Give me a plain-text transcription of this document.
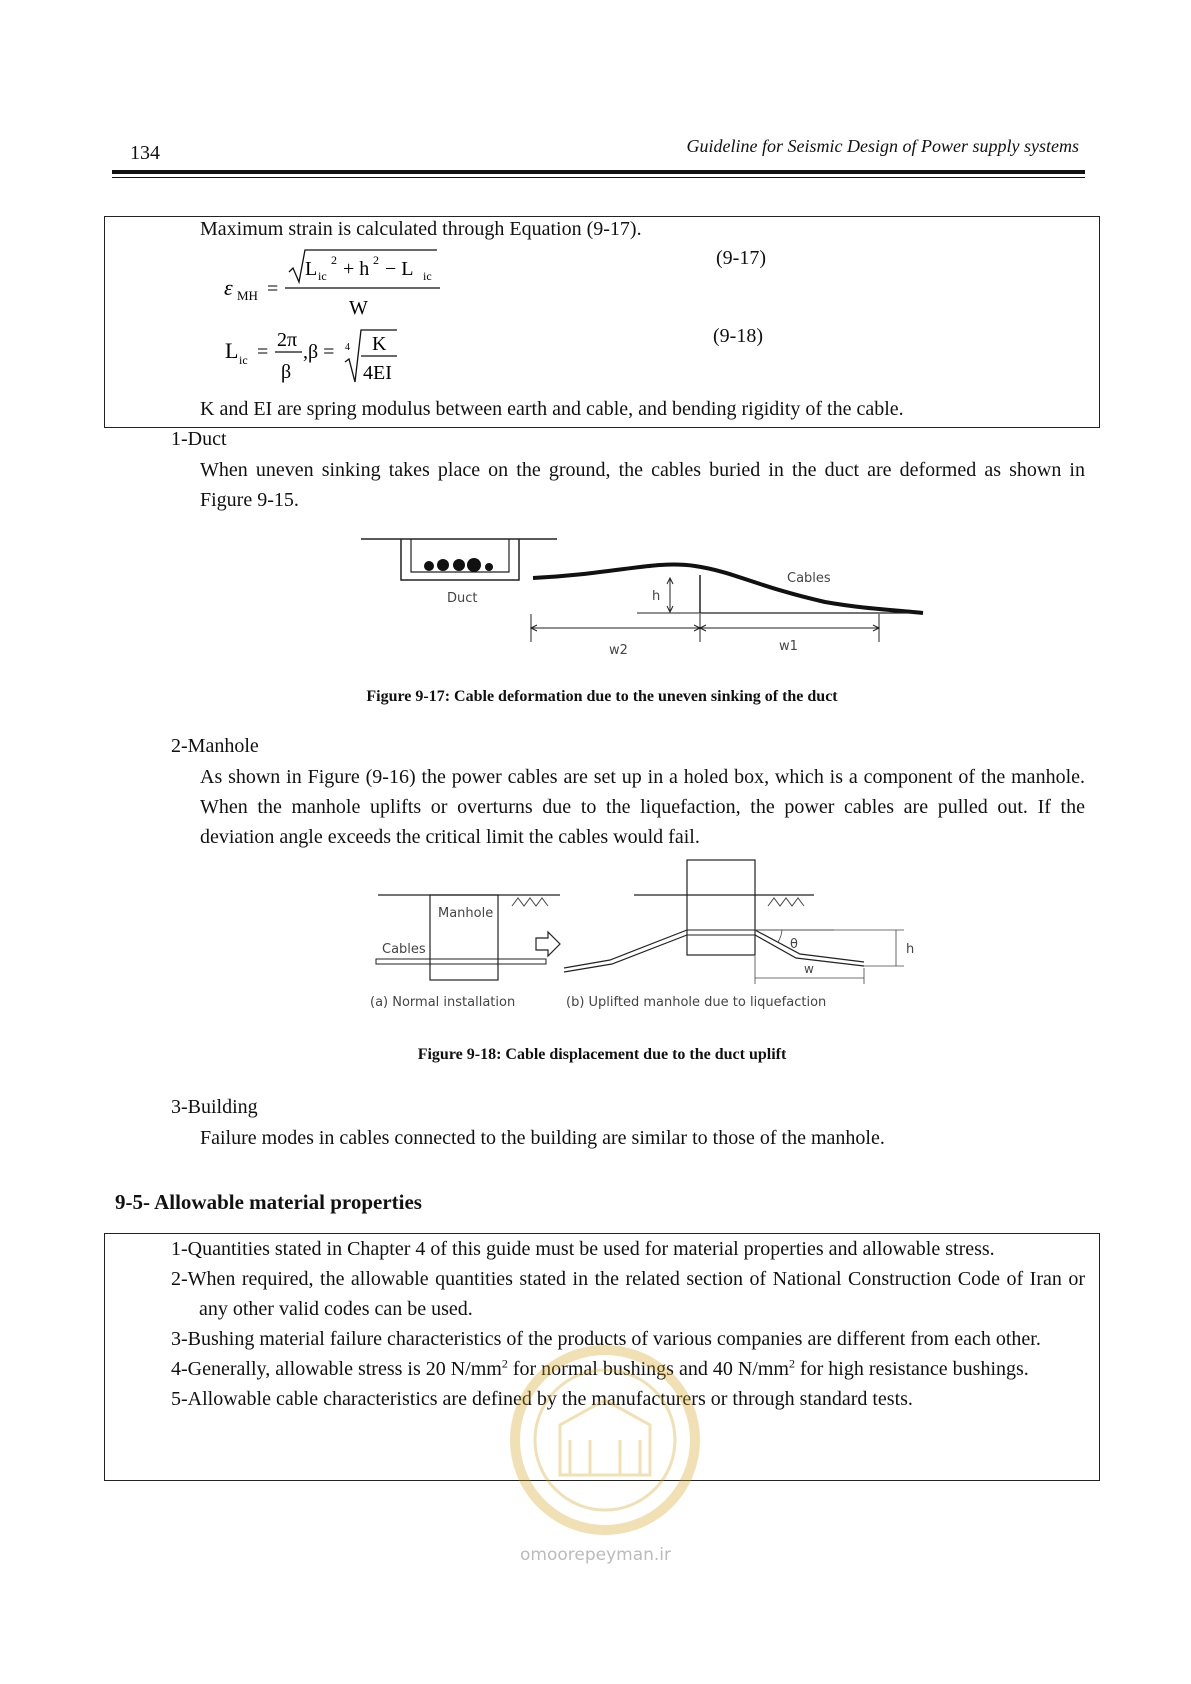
134	Guideline for Seismic Design of Power supply systems
Maximum strain is calculated through Equation (9-17).
(9-17)
(9-18)
ε MH =
L ic
2 + h 2 − L ic
W
L ic =
2π
β
,β = 4 K
4EI
K and EI are spring modulus between earth and cable, and bending rigidity of the cable.
1-Duct
When uneven sinking takes place on the ground, the cables buried in the duct are deformed as shown in Figure 9-15.
Duct	h
Cables
w2	w1
Figure 9-17: Cable deformation due to the uneven sinking of the duct
2-Manhole
As shown in Figure (9-16) the power cables are set up in a holed box, which is a component of the manhole. When the manhole uplifts or overturns due to the liquefaction, the power cables are pulled out. If the deviation angle exceeds the critical limit the cables would fail.
Manhole
Cables	θ	h
w
(a) Normal installation	(b) Uplifted manhole due to liquefaction
Figure 9-18: Cable displacement due to the duct uplift
3-Building
Failure modes in cables connected to the building are similar to those of the manhole.
9-5- Allowable material properties

1-Quantities stated in Chapter 4 of this guide must be used for material properties and allowable stress.

2-When required, the allowable quantities stated in the related section of National Construction Code of Iran or any other valid codes can be used.

3-Bushing material failure characteristics of the products of various companies are different from each other.

4-Generally, allowable stress is 20 $N/mm^2$ for normal bushings and 40 $N/mm^2$ for high resistance bushings.

5-Allowable cable characteristics are defined by the manufacturers or through standard tests.

omoorepeyman.ir
